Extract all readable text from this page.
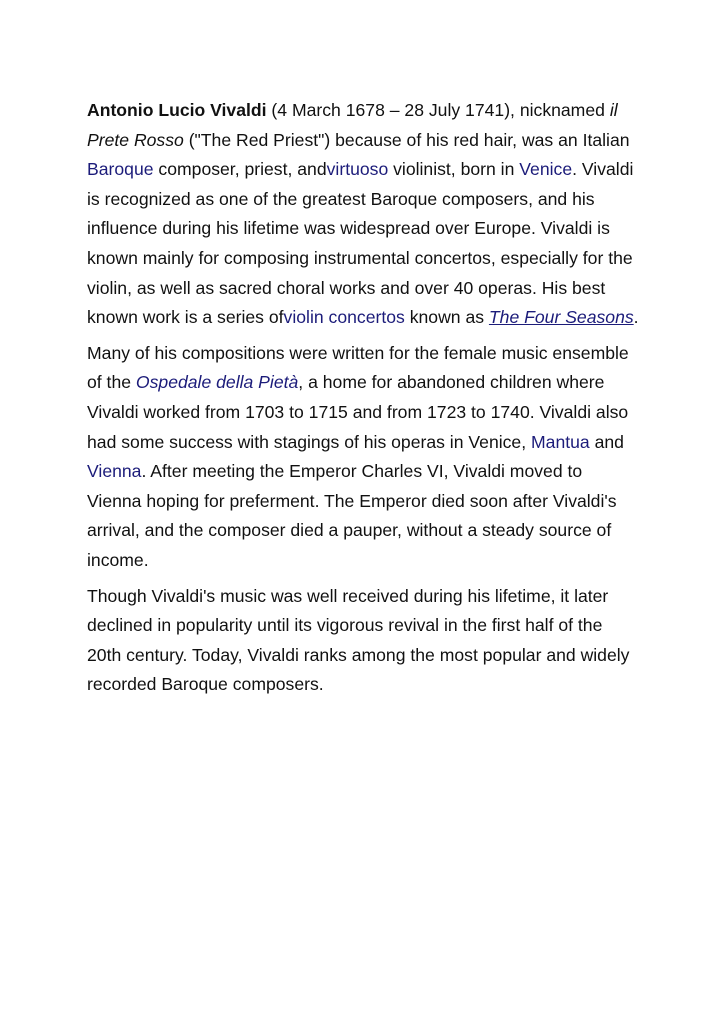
Antonio Lucio Vivaldi (4 March 1678 – 28 July 1741), nicknamed il Prete Rosso ("The Red Priest") because of his red hair, was an Italian Baroque composer, priest, andvirtuoso violinist, born in Venice. Vivaldi is recognized as one of the greatest Baroque composers, and his influence during his lifetime was widespread over Europe. Vivaldi is known mainly for composing instrumental concertos, especially for the violin, as well as sacred choral works and over 40 operas. His best known work is a series ofviolin concertos known as The Four Seasons.

Many of his compositions were written for the female music ensemble of the Ospedale della Pietà, a home for abandoned children where Vivaldi worked from 1703 to 1715 and from 1723 to 1740. Vivaldi also had some success with stagings of his operas in Venice, Mantua and Vienna. After meeting the Emperor Charles VI, Vivaldi moved to Vienna hoping for preferment. The Emperor died soon after Vivaldi's arrival, and the composer died a pauper, without a steady source of income.

Though Vivaldi's music was well received during his lifetime, it later declined in popularity until its vigorous revival in the first half of the 20th century. Today, Vivaldi ranks among the most popular and widely recorded Baroque composers.
